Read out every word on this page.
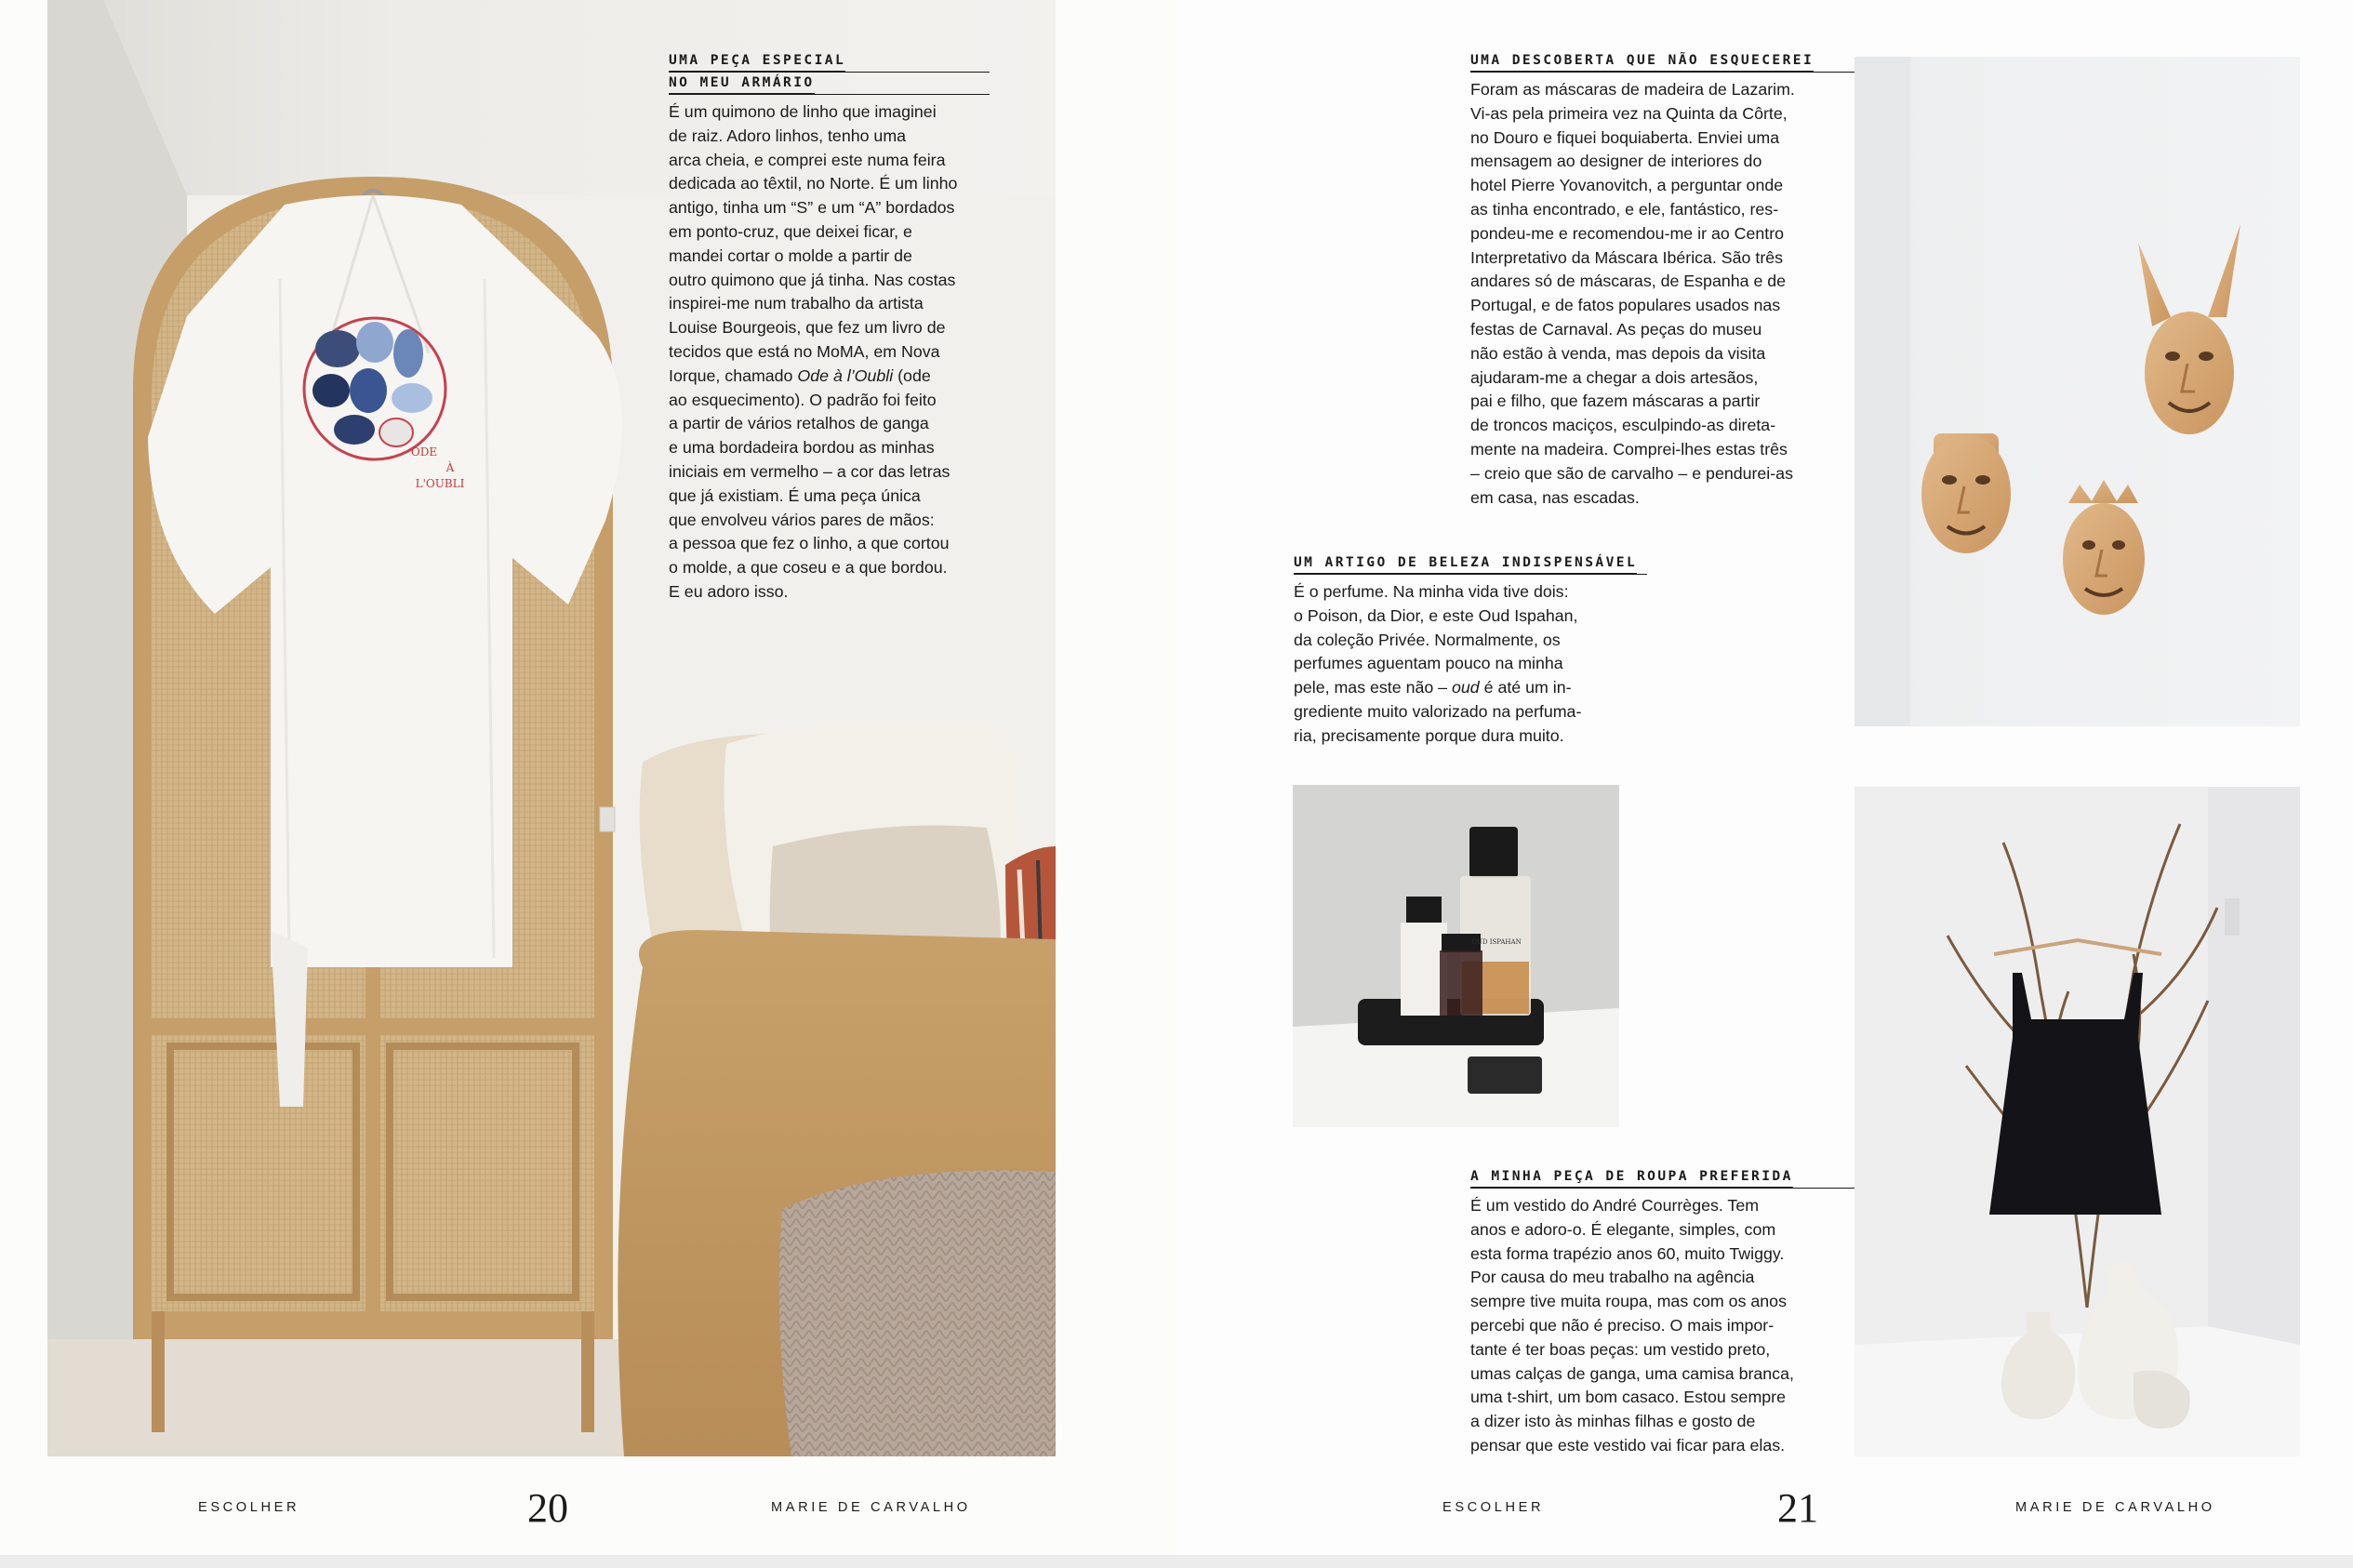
ODE
À
L'OUBLI
UMA PEÇA ESPECIAL
NO MEU ARMÁRIO

É um quimono de linho que imaginei
de raiz. Adoro linhos, tenho uma
arca cheia, e comprei este numa feira
dedicada ao têxtil, no Norte. É um linho
antigo, tinha um “S” e um “A” bordados
em ponto-cruz, que deixei ficar, e
mandei cortar o molde a partir de
outro quimono que já tinha. Nas costas
inspirei-me num trabalho da artista
Louise Bourgeois, que fez um livro de
tecidos que está no MoMA, em Nova
Iorque, chamado Ode à l’Oubli (ode
ao esquecimento). O padrão foi feito
a partir de vários retalhos de ganga
e uma bordadeira bordou as minhas
iniciais em vermelho – a cor das letras
que já existiam. É uma peça única
que envolveu vários pares de mãos:
a pessoa que fez o linho, a que cortou
o molde, a que coseu e a que bordou.
E eu adoro isso.

ESCOLHER	20	MARIE DE CARVALHO
UMA DESCOBERTA QUE NÃO ESQUECEREI

Foram as máscaras de madeira de Lazarim.
Vi-as pela primeira vez na Quinta da Côrte,
no Douro e fiquei boquiaberta. Enviei uma
mensagem ao designer de interiores do
hotel Pierre Yovanovitch, a perguntar onde
as tinha encontrado, e ele, fantástico, res-
pondeu-me e recomendou-me ir ao Centro
Interpretativo da Máscara Ibérica. São três
andares só de máscaras, de Espanha e de
Portugal, e de fatos populares usados nas
festas de Carnaval. As peças do museu
não estão à venda, mas depois da visita
ajudaram-me a chegar a dois artesãos,
pai e filho, que fazem máscaras a partir
de troncos maciços, esculpindo-as direta-
mente na madeira. Comprei-lhes estas três
– creio que são de carvalho – e pendurei-as
em casa, nas escadas.

UM ARTIGO DE BELEZA INDISPENSÁVEL

É o perfume. Na minha vida tive dois:
o Poison, da Dior, e este Oud Ispahan,
da coleção Privée. Normalmente, os
perfumes aguentam pouco na minha
pele, mas este não – oud é até um in-
grediente muito valorizado na perfuma-
ria, precisamente porque dura muito.

OUD ISPAHAN
A MINHA PEÇA DE ROUPA PREFERIDA

É um vestido do André Courrèges. Tem
anos e adoro-o. É elegante, simples, com
esta forma trapézio anos 60, muito Twiggy.
Por causa do meu trabalho na agência
sempre tive muita roupa, mas com os anos
percebi que não é preciso. O mais impor-
tante é ter boas peças: um vestido preto,
umas calças de ganga, uma camisa branca,
uma t-shirt, um bom casaco. Estou sempre
a dizer isto às minhas filhas e gosto de
pensar que este vestido vai ficar para elas.

ESCOLHER	21	MARIE DE CARVALHO
